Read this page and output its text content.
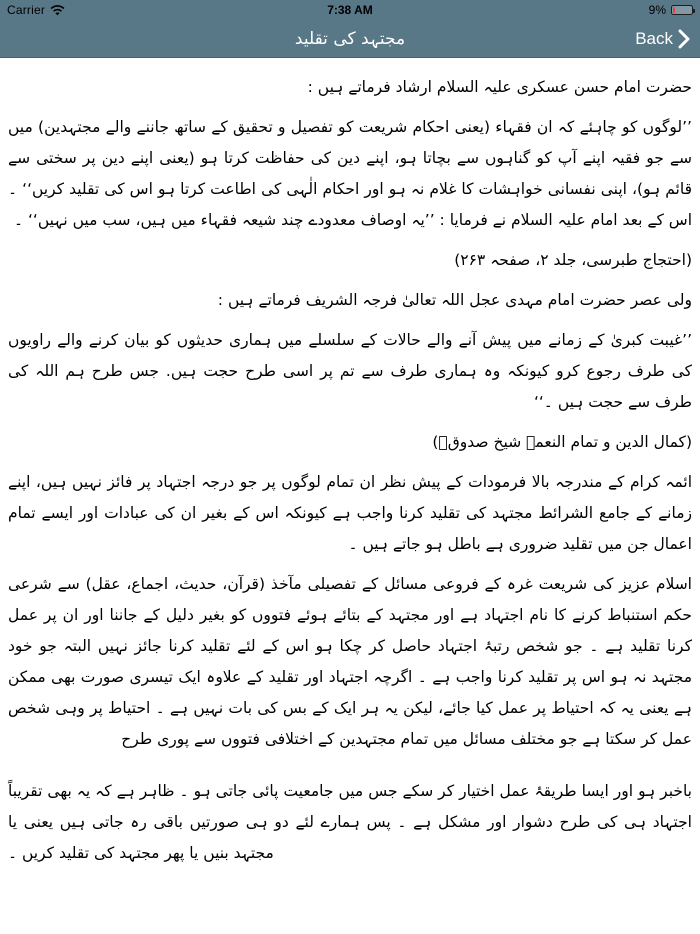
Carrier	7:38 AM	9%
مجتہد کی تقلید	Back

حضرت امام حسن عسکری علیہ السلام ارشاد فرماتے ہیں :

’’لوگوں کو چاہئے کہ ان فقہاء (یعنی احکام شریعت کو تفصیل و تحقیق کے ساتھ جاننے والے مجتہدین) میں سے جو فقیہ اپنے آپ کو گناہوں سے بچاتا ہو، اپنے دین کی حفاظت کرتا ہو (یعنی اپنے دین پر سختی سے قائم ہو)، اپنی نفسانی خواہشات کا غلام نہ ہو اور احکام الٰہی کی اطاعت کرتا ہو اس کی تقلید کریں‘‘ ۔ اس کے بعد امام علیہ السلام نے فرمایا : ’’یہ اوصاف معدودے چند شیعہ فقہاء میں ہیں، سب میں نہیں‘‘ ۔

(احتجاج طبرسی، جلد ۲، صفحہ ۲۶۳)

ولی عصر حضرت امام مہدی عجل اللہ تعالیٰ فرجہ الشریف فرماتے ہیں :

’’غیبت کبریٰ کے زمانے میں پیش آنے والے حالات کے سلسلے میں ہماری حدیثوں کو بیان کرنے والے راویوں کی طرف رجوع کرو کیونکہ وہ ہماری طرف سے تم پر اسی طرح حجت ہیں. جس طرح ہم اللہ کی طرف سے حجت ہیں ۔‘‘

(کمال الدین و تمام النعمہ شیخ صدوقؒ)

ائمہ کرام کے مندرجہ بالا فرمودات کے پیش نظر ان تمام لوگوں پر جو درجہ اجتہاد پر فائز نہیں ہیں، اپنے زمانے کے جامع الشرائط مجتہد کی تقلید کرنا واجب ہے کیونکہ اس کے بغیر ان کی عبادات اور ایسے تمام اعمال جن میں تقلید ضروری ہے باطل ہو جاتے ہیں ۔

اسلام عزیز کی شریعت غرہ کے فروعی مسائل کے تفصیلی مآخذ (قرآن، حدیث، اجماع، عقل) سے شرعی حکم استنباط کرنے کا نام اجتہاد ہے اور مجتہد کے بتائے ہوئے فتووں کو بغیر دلیل کے جاننا اور ان پر عمل کرنا تقلید ہے ۔ جو شخص رتبۂ اجتہاد حاصل کر چکا ہو اس کے لئے تقلید کرنا جائز نہیں البتہ جو خود مجتہد نہ ہو اس پر تقلید کرنا واجب ہے ۔ اگرچہ اجتہاد اور تقلید کے علاوہ ایک تیسری صورت بھی ممکن ہے یعنی یہ کہ احتیاط پر عمل کیا جائے، لیکن یہ ہر ایک کے بس کی بات نہیں ہے ۔ احتیاط پر وہی شخص عمل کر سکتا ہے جو مختلف مسائل میں تمام مجتہدین کے اختلافی فتووں سے پوری طرح

باخبر ہو اور ایسا طریقۂ عمل اختیار کر سکے جس میں جامعیت پائی جاتی ہو ۔ ظاہر ہے کہ یہ بھی تقریباً اجتہاد ہی کی طرح دشوار اور مشکل ہے ۔ پس ہمارے لئے دو ہی صورتیں باقی رہ جاتی ہیں یعنی یا مجتہد بنیں یا پھر مجتہد کی تقلید کریں ۔
